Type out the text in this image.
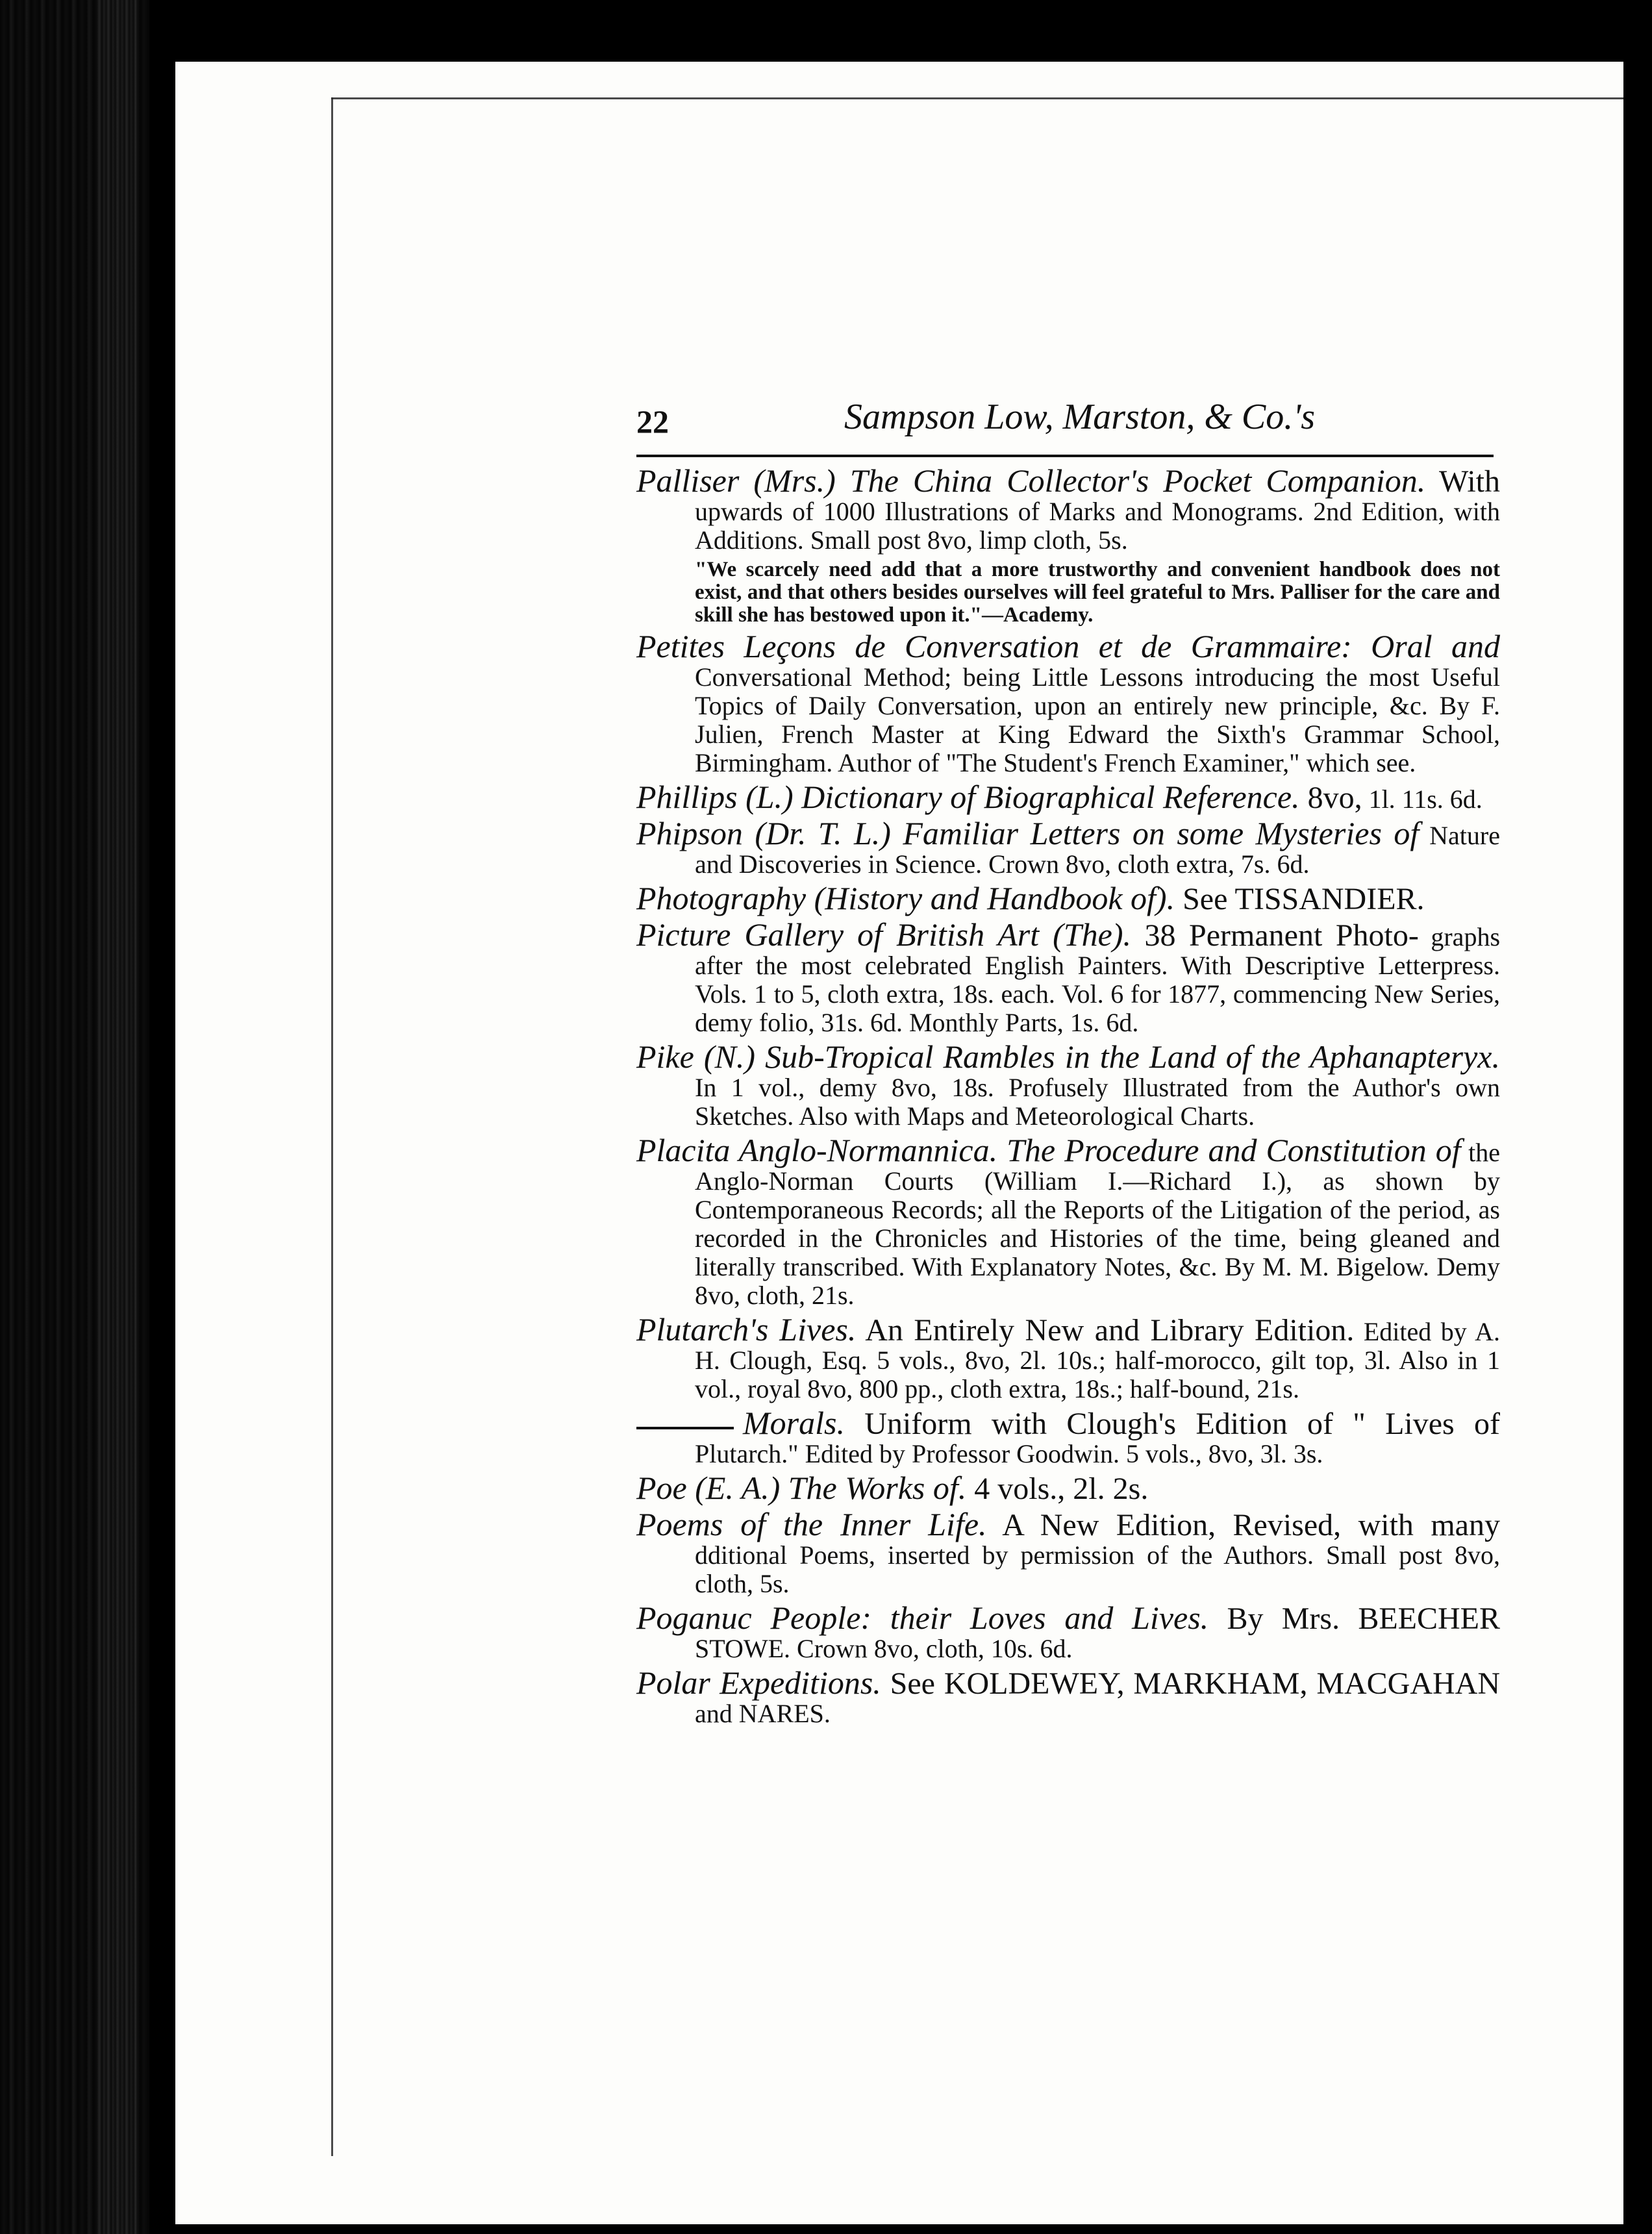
22	Sampson Low, Marston, & Co.'s

Palliser (Mrs.) The China Collector's Pocket Companion. With upwards of 1000 Illustrations of Marks and Monograms. 2nd Edition, with Additions. Small post 8vo, limp cloth, 5s.
"We scarcely need add that a more trustworthy and convenient handbook does not exist, and that others besides ourselves will feel grateful to Mrs. Palliser for the care and skill she has bestowed upon it."—Academy.

Petites Leçons de Conversation et de Grammaire: Oral and Conversational Method; being Little Lessons introducing the most Useful Topics of Daily Conversation, upon an entirely new principle, &c. By F. Julien, French Master at King Edward the Sixth's Grammar School, Birmingham. Author of "The Student's French Examiner," which see.

Phillips (L.) Dictionary of Biographical Reference. 8vo, 1l. 11s. 6d.

Phipson (Dr. T. L.) Familiar Letters on some Mysteries of Nature and Discoveries in Science. Crown 8vo, cloth extra, 7s. 6d.

Photography (History and Handbook of). See TISSANDIER.

Picture Gallery of British Art (The). 38 Permanent Photo- graphs after the most celebrated English Painters. With Descriptive Letterpress. Vols. 1 to 5, cloth extra, 18s. each. Vol. 6 for 1877, commencing New Series, demy folio, 31s. 6d. Monthly Parts, 1s. 6d.

Pike (N.) Sub-Tropical Rambles in the Land of the Aphanapteryx. In 1 vol., demy 8vo, 18s. Profusely Illustrated from the Author's own Sketches. Also with Maps and Meteorological Charts.

Placita Anglo-Normannica. The Procedure and Constitution of the Anglo-Norman Courts (William I.—Richard I.), as shown by Contemporaneous Records; all the Reports of the Litigation of the period, as recorded in the Chronicles and Histories of the time, being gleaned and literally transcribed. With Explanatory Notes, &c. By M. M. Bigelow. Demy 8vo, cloth, 21s.

Plutarch's Lives. An Entirely New and Library Edition. Edited by A. H. Clough, Esq. 5 vols., 8vo, 2l. 10s.; half-morocco, gilt top, 3l. Also in 1 vol., royal 8vo, 800 pp., cloth extra, 18s.; half-bound, 21s.

Morals. Uniform with Clough's Edition of " Lives of Plutarch." Edited by Professor Goodwin. 5 vols., 8vo, 3l. 3s.

Poe (E. A.) The Works of. 4 vols., 2l. 2s.

Poems of the Inner Life. A New Edition, Revised, with many dditional Poems, inserted by permission of the Authors. Small post 8vo, cloth, 5s.

Poganuc People: their Loves and Lives. By Mrs. BEECHER STOWE. Crown 8vo, cloth, 10s. 6d.

Polar Expeditions. See KOLDEWEY, MARKHAM, MACGAHAN and NARES.
